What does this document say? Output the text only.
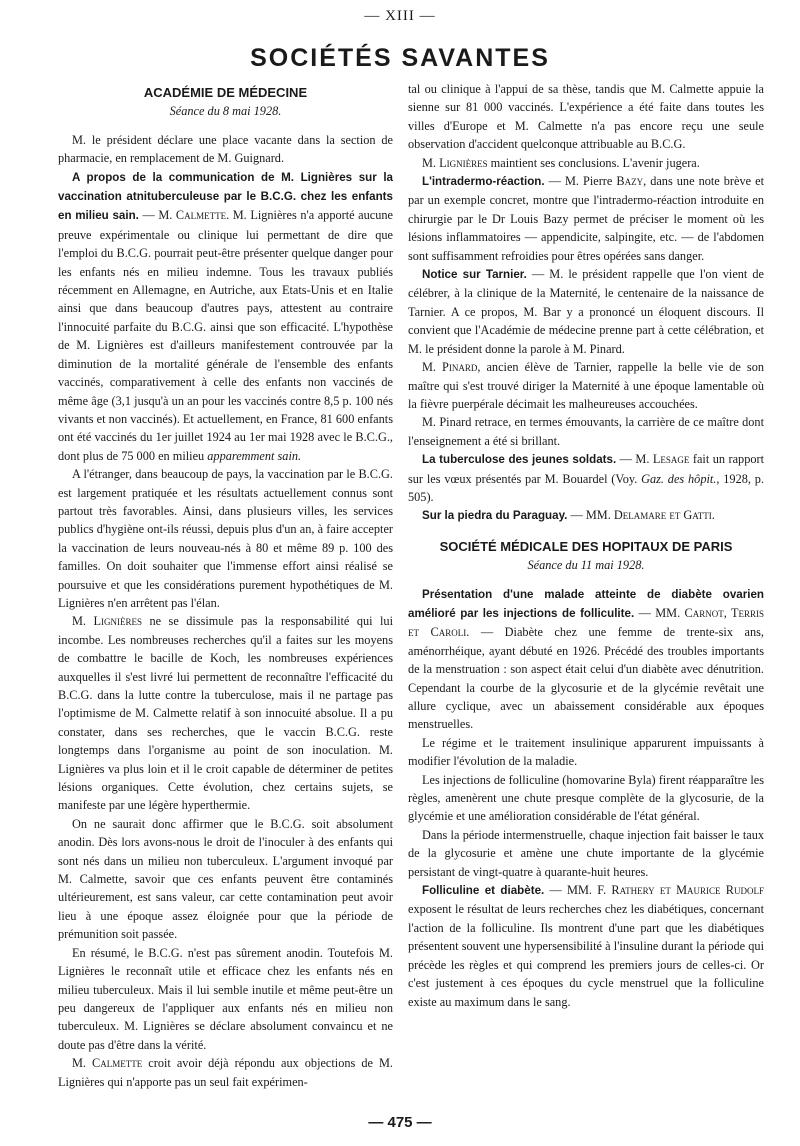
— XIII —
SOCIÉTÉS SAVANTES
ACADÉMIE DE MÉDECINE
Séance du 8 mai 1928.

M. le président déclare une place vacante dans la section de pharmacie, en remplacement de M. Guignard.

A propos de la communication de M. Lignières sur la vaccination atnituberculeuse par le B.C.G. chez les enfants en milieu sain. — M. Calmette. M. Lignières n'a apporté aucune preuve expérimentale ou clinique lui permettant de dire que l'emploi du B.C.G. pourrait peut-être présenter quelque danger pour les enfants nés en milieu indemne. Tous les travaux publiés récemment en Allemagne, en Autriche, aux Etats-Unis et en Italie ainsi que dans beaucoup d'autres pays, attestent au contraire l'innocuité parfaite du B.C.G. ainsi que son efficacité. L'hypothèse de M. Lignières est d'ailleurs manifestement controuvée par la diminution de la mortalité générale de l'ensemble des enfants vaccinés, comparativement à celle des enfants non vaccinés de même âge (3,1 jusqu'à un an pour les vaccinés contre 8,5 p. 100 nés vivants et non vaccinés). Et actuellement, en France, 81 600 enfants ont été vaccinés du 1er juillet 1924 au 1er mai 1928 avec le B.C.G., dont plus de 75 000 en milieu apparemment sain.

A l'étranger, dans beaucoup de pays, la vaccination par le B.C.G. est largement pratiquée et les résultats actuellement connus sont partout très favorables. Ainsi, dans plusieurs villes, les services publics d'hygiène ont-ils réussi, depuis plus d'un an, à faire accepter la vaccination de leurs nouveau-nés à 80 et même 89 p. 100 des familles. On doit souhaiter que l'immense effort ainsi réalisé se poursuive et que les considérations purement hypothétiques de M. Lignières n'en arrêtent pas l'élan.

M. Lignières ne se dissimule pas la responsabilité qui lui incombe. Les nombreuses recherches qu'il a faites sur les moyens de combattre le bacille de Koch, les nombreuses expériences auxquelles il s'est livré lui permettent de reconnaître l'efficacité du B.C.G. dans la lutte contre la tuberculose, mais il ne partage pas l'optimisme de M. Calmette relatif à son innocuité absolue. Il a pu constater, dans ses recherches, que le vaccin B.C.G. reste longtemps dans l'organisme au point de son inoculation. M. Lignières va plus loin et il le croit capable de déterminer de petites lésions organiques. Cette évolution, chez certains sujets, se manifeste par une légère hyperthermie.

On ne saurait donc affirmer que le B.C.G. soit absolument anodin. Dès lors avons-nous le droit de l'inoculer à des enfants qui sont nés dans un milieu non tuberculeux. L'argument invoqué par M. Calmette, savoir que ces enfants peuvent être contaminés ultérieurement, est sans valeur, car cette contamination peut avoir lieu à une époque assez éloignée pour que la période de prémunition soit passée.

En résumé, le B.C.G. n'est pas sûrement anodin. Toutefois M. Lignières le reconnaît utile et efficace chez les enfants nés en milieu tuberculeux. Mais il lui semble inutile et même peut-être un peu dangereux de l'appliquer aux enfants nés en milieu non tuberculeux. M. Lignières se déclare absolument convaincu et ne doute pas d'être dans la vérité.

M. Calmette croit avoir déjà répondu aux objections de M. Lignières qui n'apporte pas un seul fait expérimen-

tal ou clinique à l'appui de sa thèse, tandis que M. Calmette appuie la sienne sur 81 000 vaccinés. L'expérience a été faite dans toutes les villes d'Europe et M. Calmette n'a pas encore reçu une seule observation d'accident quelconque attribuable au B.C.G.

M. Lignières maintient ses conclusions. L'avenir jugera.

L'intradermo-réaction. — M. Pierre Bazy, dans une note brève et par un exemple concret, montre que l'intradermo-réaction introduite en chirurgie par le Dr Louis Bazy permet de préciser le moment où les lésions inflammatoires — appendicite, salpingite, etc. — de l'abdomen sont suffisamment refroidies pour êtres opérées sans danger.

Notice sur Tarnier. — M. le président rappelle que l'on vient de célébrer, à la clinique de la Maternité, le centenaire de la naissance de Tarnier. A ce propos, M. Bar y a prononcé un éloquent discours. Il convient que l'Académie de médecine prenne part à cette célébration, et M. le président donne la parole à M. Pinard.

M. Pinard, ancien élève de Tarnier, rappelle la belle vie de son maître qui s'est trouvé diriger la Maternité à une époque lamentable où la fièvre puerpérale décimait les malheureuses accouchées.

M. Pinard retrace, en termes émouvants, la carrière de ce maître dont l'enseignement a été si brillant.

La tuberculose des jeunes soldats. — M. Lesage fait un rapport sur les vœux présentés par M. Bouardel (Voy. Gaz. des hôpit., 1928, p. 505).

Sur la piedra du Paraguay. — MM. Delamare et Gatti.

SOCIÉTÉ MÉDICALE DES HOPITAUX DE PARIS
Séance du 11 mai 1928.

Présentation d'une malade atteinte de diabète ovarien amélioré par les injections de folliculite. — MM. Carnot, Terris et Caroli. — Diabète chez une femme de trente-six ans, aménorrhéique, ayant débuté en 1926. Précédé des troubles importants de la menstruation : son aspect était celui d'un diabète avec dénutrition. Cependant la courbe de la glycosurie et de la glycémie revêtait une allure cyclique, avec un abaissement considérable aux époques menstruelles.

Le régime et le traitement insulinique apparurent impuissants à modifier l'évolution de la maladie.

Les injections de folliculine (homovarine Byla) firent réapparaître les règles, amenèrent une chute presque complète de la glycosurie, de la glycémie et une amélioration considérable de l'état général.

Dans la période intermenstruelle, chaque injection fait baisser le taux de la glycosurie et amène une chute importante de la glycémie persistant de vingt-quatre à quarante-huit heures.

Folliculine et diabète. — MM. F. Rathery et Maurice Rudolf exposent le résultat de leurs recherches chez les diabétiques, concernant l'action de la folliculine. Ils montrent d'une part que les diabétiques présentent souvent une hypersensibilité à l'insuline durant la période qui précède les règles et qui comprend les premiers jours de celles-ci. Or c'est justement à ces époques du cycle menstruel que la folliculine existe au maximum dans le sang.

— 475 —
